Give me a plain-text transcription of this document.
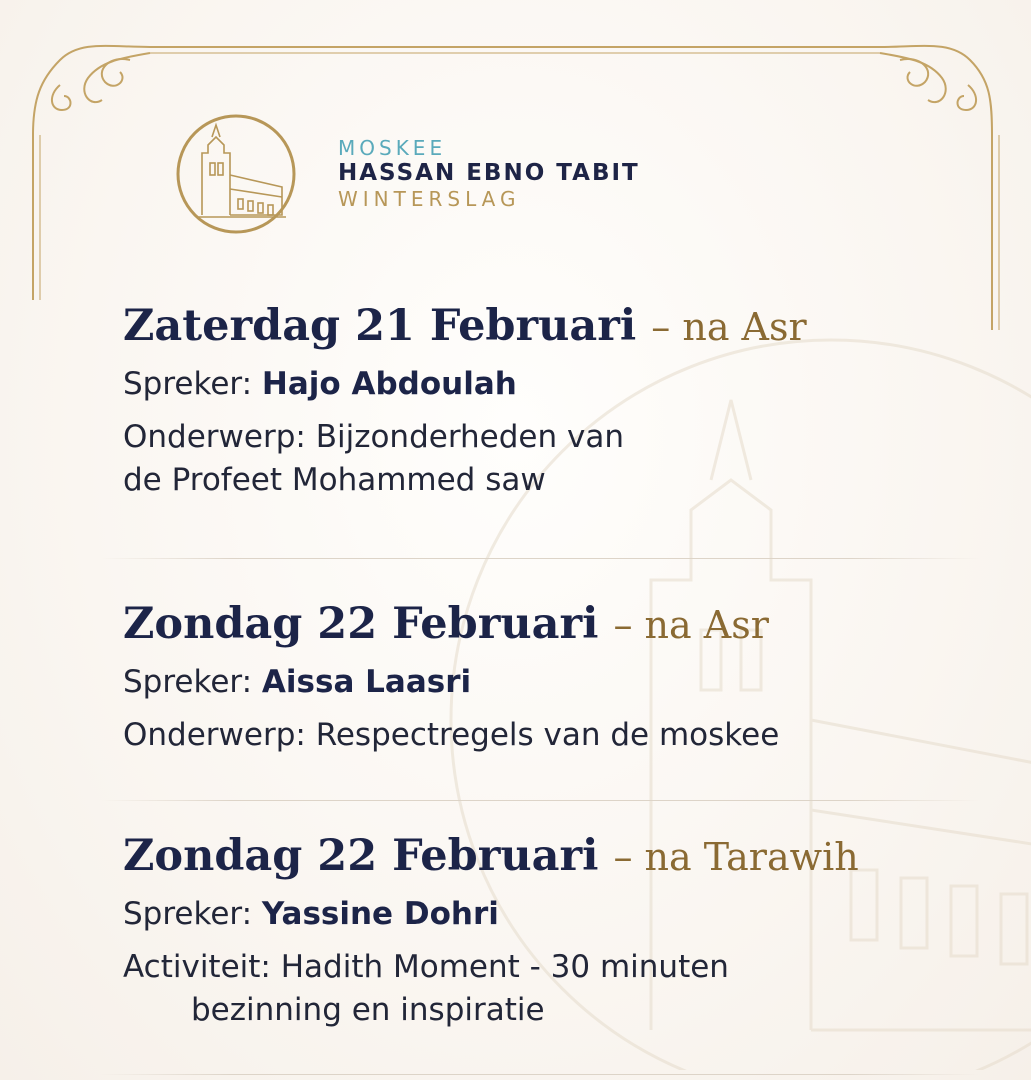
MOSKEE
HASSAN EBNO TABIT
WINTERSLAG
Zaterdag 21 Februari – na Asr
Spreker: Hajo Abdoulah
Onderwerp: Bijzonderheden van
de Profeet Mohammed saw
Zondag 22 Februari – na Asr
Spreker: Aissa Laasri
Onderwerp: Respectregels van de moskee
Zondag 22 Februari – na Tarawih
Spreker: Yassine Dohri
Activiteit: Hadith Moment - 30 minuten
bezinning en inspiratie
